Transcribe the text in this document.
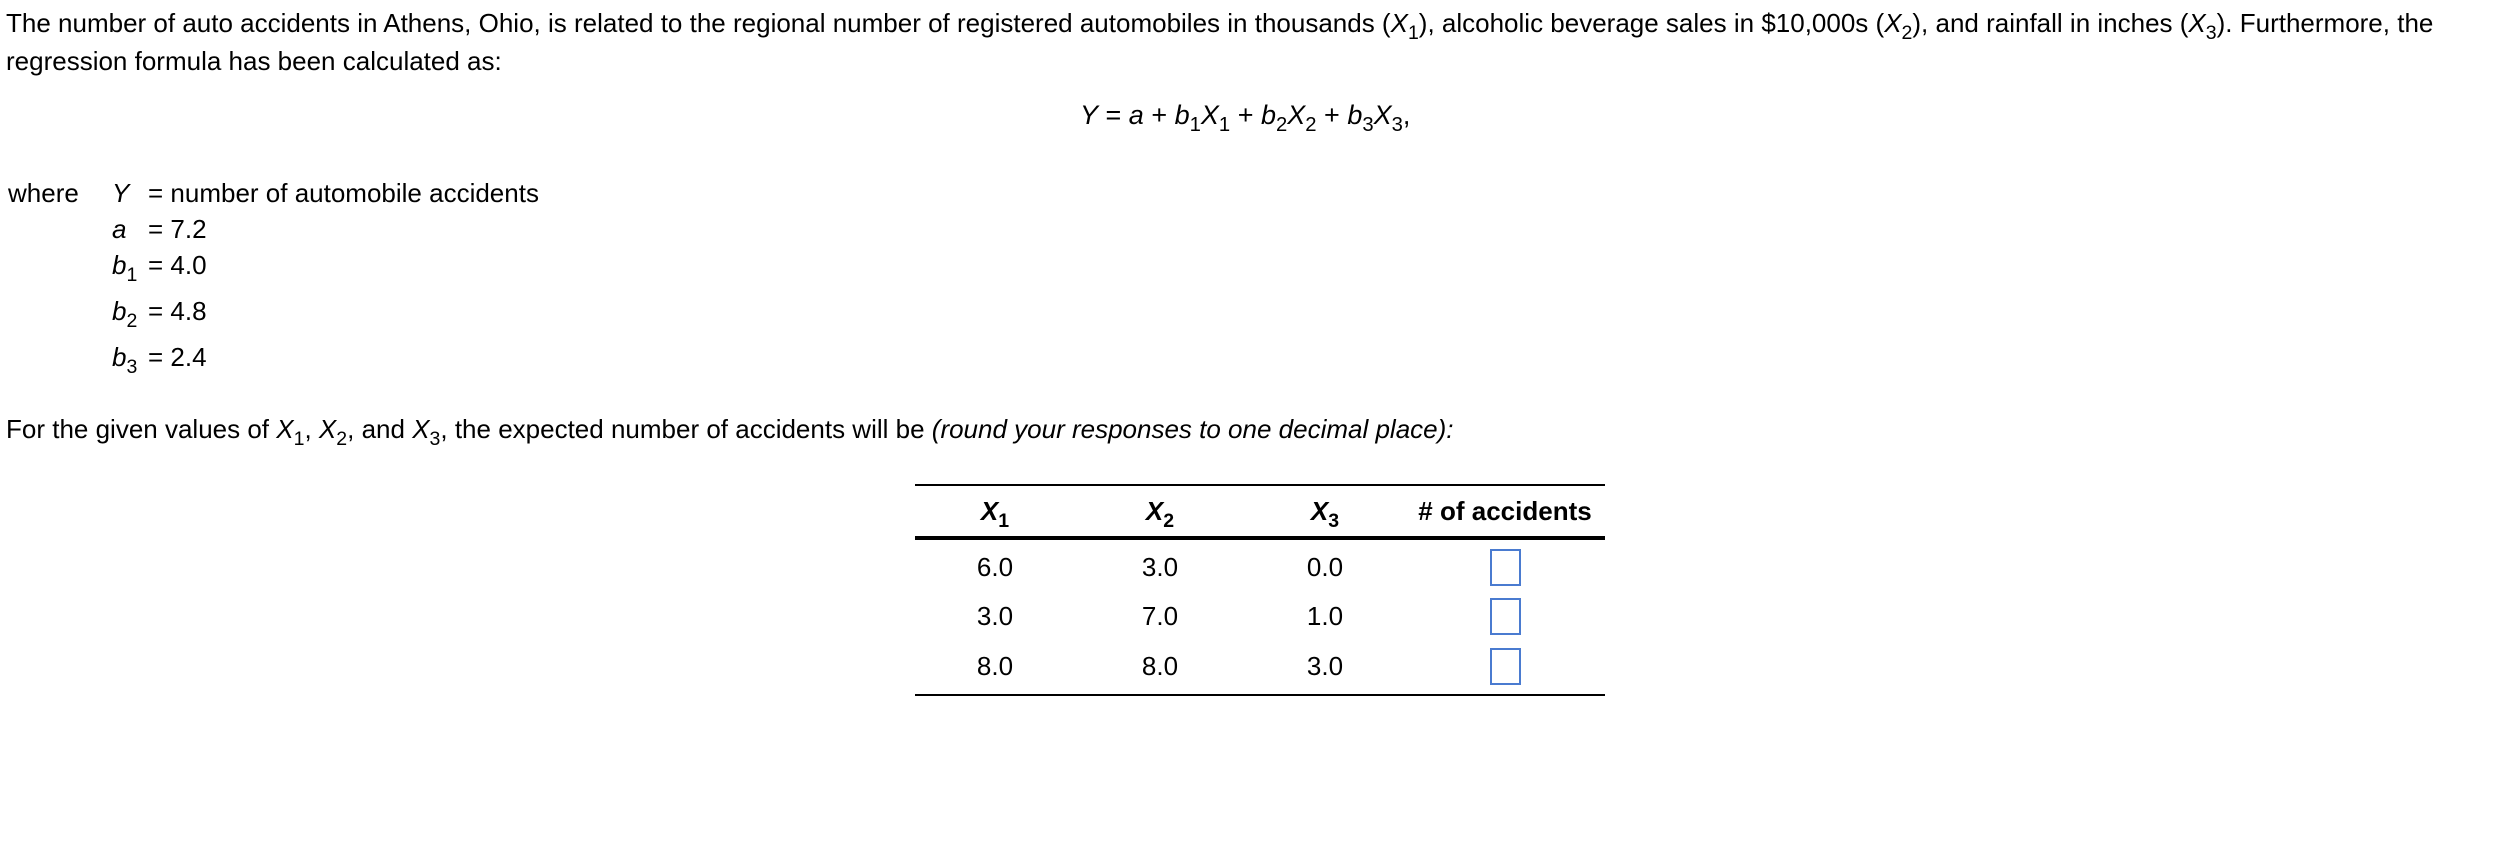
The number of auto accidents in Athens, Ohio, is related to the regional number of registered automobiles in thousands $(X_1)$, alcoholic beverage sales in $10,000s $(X_2)$, and rainfall in inches $(X_3)$. Furthermore, the regression formula has been calculated as:

$Y = a + b_1X_1 + b_2X_2 + b_3X_3$,
where Y = number of automobile accidents
a = 7.2
$b_1 = 4.0$
$b_2 = 4.8$
$b_3 = 2.4$
For the given values of $X_1$, $X_2$, and $X_3$, the expected number of accidents will be (round your responses to one decimal place):
$X_1$	$X_2$	$X_3$	# of accidents
6.0	3.0	0.0	
3.0	7.0	1.0	
8.0	8.0	3.0	
